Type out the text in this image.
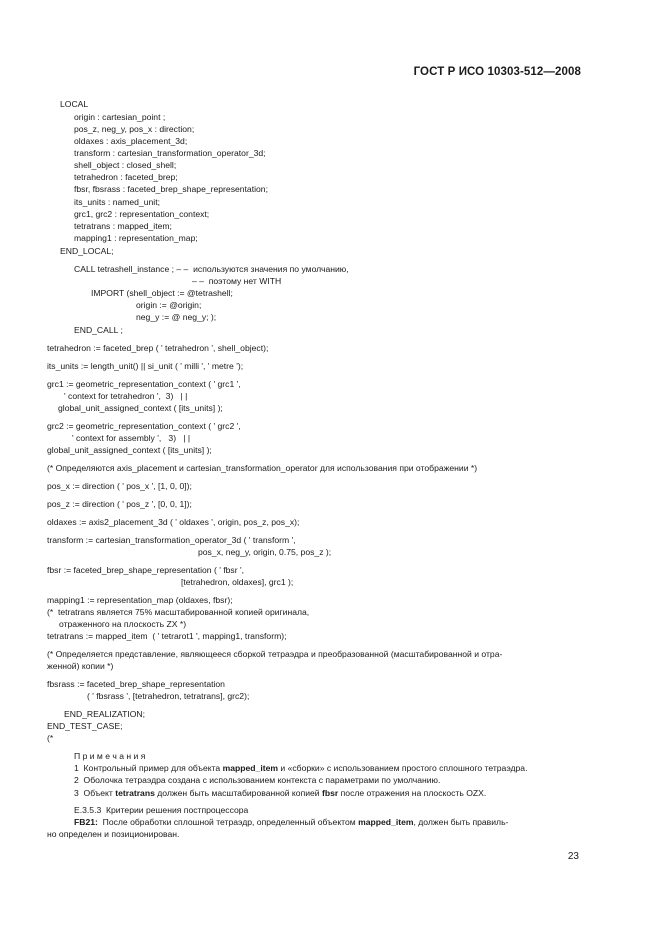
ГОСТ Р ИСО 10303-512—2008
LOCAL
origin : cartesian_point ;
pos_z, neg_y, pos_x : direction;
oldaxes : axis_placement_3d;
transform : cartesian_transformation_operator_3d;
shell_object : closed_shell;
tetrahedron : faceted_brep;
fbsr, fbsrass : faceted_brep_shape_representation;
its_units : named_unit;
grc1, grc2 : representation_context;
tetratrans : mapped_item;
mapping1 : representation_map;
END_LOCAL;
CALL tetrashell_instance ; – –  используются значения по умолчанию,
– –  поэтому нет WITH
IMPORT (shell_object := @tetrashell;
origin := @origin;
neg_y := @ neg_y; );
END_CALL ;
tetrahedron := faceted_brep ( ' tetrahedron ', shell_object);
its_units := length_unit() || si_unit ( ' milli ', ' metre ');
grc1 := geometric_representation_context ( ' grc1 ',
' context for tetrahedron ',  3)   | |
global_unit_assigned_context ( [its_units] );
grc2 := geometric_representation_context ( ' grc2 ',
' context for assembly ',   3)   | |
global_unit_assigned_context ( [its_units] );
(* Определяются axis_placement и cartesian_transformation_operator для использования при отображении *)
pos_x := direction ( ' pos_x ', [1, 0, 0]);
pos_z := direction ( ' pos_z ', [0, 0, 1]);
oldaxes := axis2_placement_3d ( ' oldaxes ', origin, pos_z, pos_x);
transform := cartesian_transformation_operator_3d ( ' transform ',
pos_x, neg_y, origin, 0.75, pos_z );
fbsr := faceted_brep_shape_representation ( ' fbsr ',
[tetrahedron, oldaxes], grc1 );
mapping1 := representation_map (oldaxes, fbsr);
(*  tetratrans является 75% масштабированной копией оригинала,
отраженного на плоскость ZX *)
tetratrans := mapped_item  ( ' tetrarot1 ', mapping1, transform);
(* Определяется представление, являющееся сборкой тетраэдра и преобразованной (масштабированной и отра-
женной) копии *)
fbsrass := faceted_brep_shape_representation
( ' fbsrass ', [tetrahedron, tetratrans], grc2);
END_REALIZATION;
END_TEST_CASE;
(*
П р и м е ч а н и я
1  Контрольный пример для объекта mapped_item и «сборки» с использованием простого сплошного тетраэдра.
2  Оболочка тетраэдра создана с использованием контекста с параметрами по умолчанию.
3  Объект tetratrans должен быть масштабированной копией fbsr после отражения на плоскость OZX.
Е.3.5.3  Критерии решения постпроцессора
FB21:  После обработки сплошной тетраэдр, определенный объектом mapped_item, должен быть правиль-
но определен и позиционирован.
23
